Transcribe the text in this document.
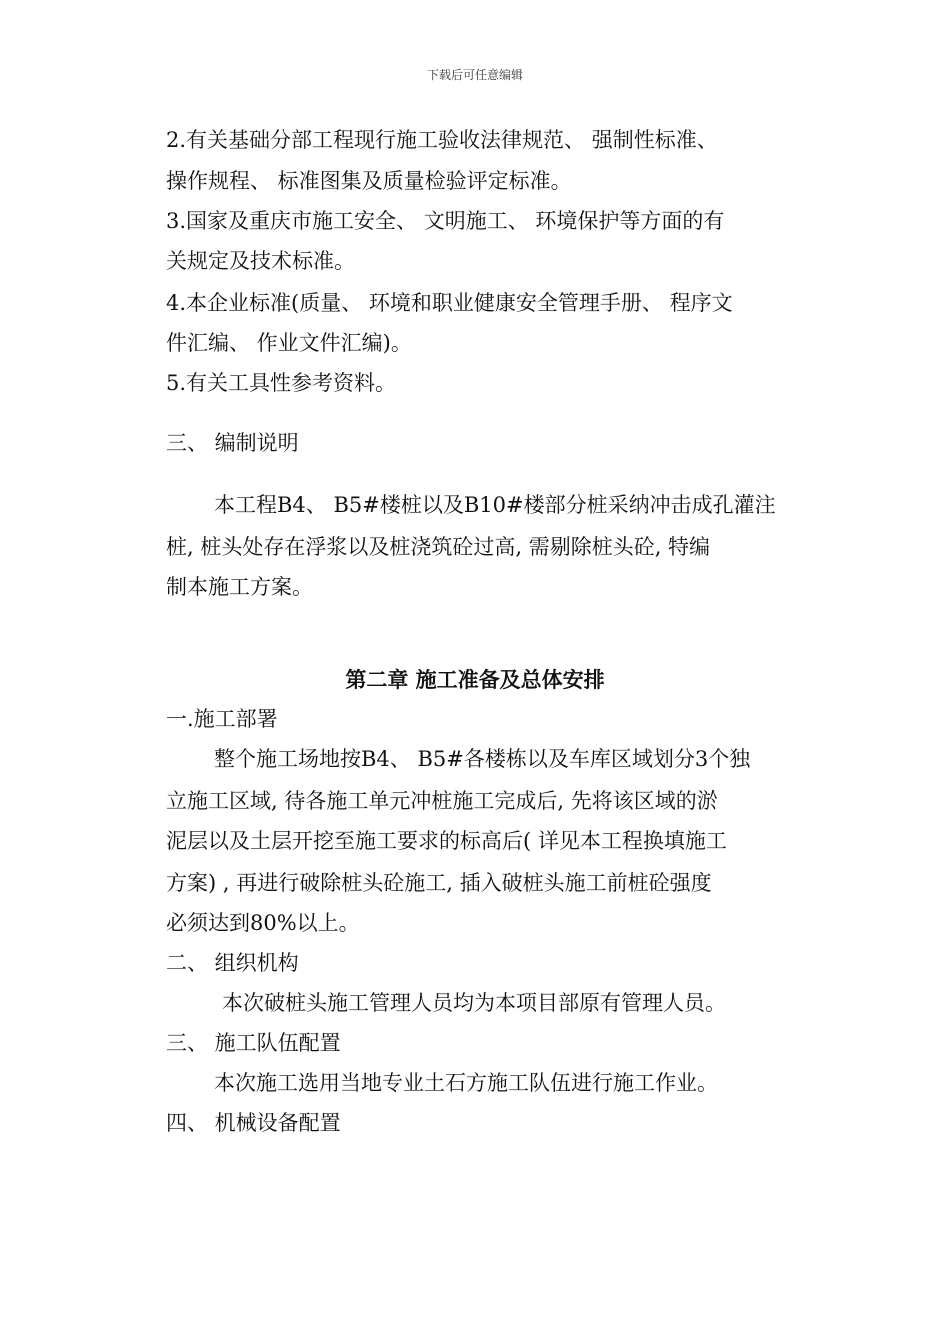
下载后可任意编辑
2.有关基础分部工程现行施工验收法律规范、 强制性标准、
操作规程、 标准图集及质量检验评定标准。
3.国家及重庆市施工安全、 文明施工、 环境保护等方面的有
关规定及技术标准。
4.本企业标准(质量、 环境和职业健康安全管理手册、 程序文
件汇编、 作业文件汇编)。
5.有关工具性参考资料。
三、 编制说明
本工程B4、 B5#楼桩以及B10#楼部分桩采纳冲击成孔灌注
桩, 桩头处存在浮浆以及桩浇筑砼过高, 需剔除桩头砼, 特编
制本施工方案。
第二章 施工准备及总体安排
一.施工部署
整个施工场地按B4、 B5#各楼栋以及车库区域划分3个独
立施工区域, 待各施工单元冲桩施工完成后, 先将该区域的淤
泥层以及土层开挖至施工要求的标高后( 详见本工程换填施工
方案) , 再进行破除桩头砼施工, 插入破桩头施工前桩砼强度
必须达到80%以上。
二、 组织机构
本次破桩头施工管理人员均为本项目部原有管理人员。
三、 施工队伍配置
本次施工选用当地专业土石方施工队伍进行施工作业。
四、 机械设备配置
